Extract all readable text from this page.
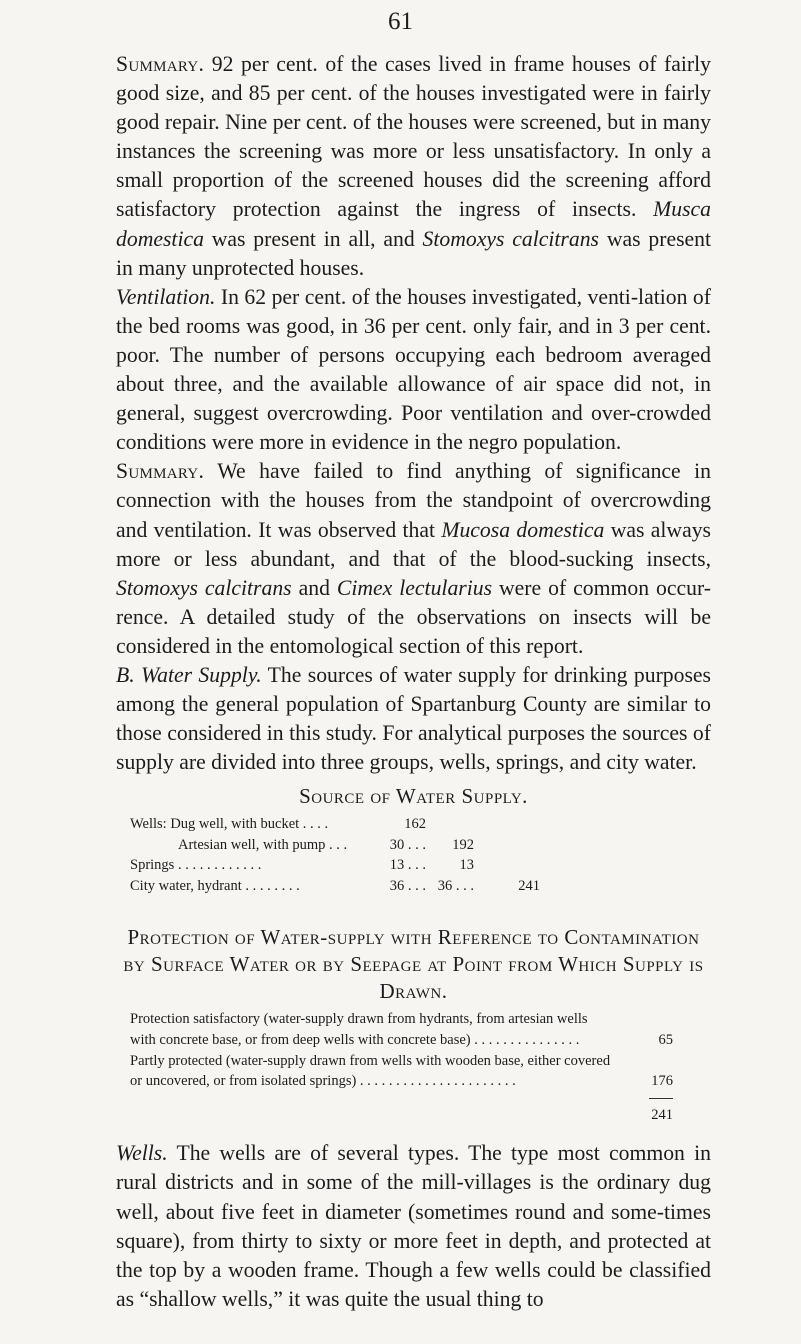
61

Summary. 92 per cent. of the cases lived in frame houses of fairly good size, and 85 per cent. of the houses investigated were in fairly good repair. Nine per cent. of the houses were screened, but in many instances the screening was more or less unsatisfactory. In only a small proportion of the screened houses did the screening afford satisfactory protection against the ingress of insects. Musca domestica was present in all, and Stomoxys calcitrans was present in many unprotected houses.

Ventilation. In 62 per cent. of the houses investigated, venti-lation of the bed rooms was good, in 36 per cent. only fair, and in 3 per cent. poor. The number of persons occupying each bedroom averaged about three, and the available allowance of air space did not, in general, suggest overcrowding. Poor ventilation and over-crowded conditions were more in evidence in the negro population.

Summary. We have failed to find anything of significance in connection with the houses from the standpoint of overcrowding and ventilation. It was observed that Mucosa domestica was always more or less abundant, and that of the blood-sucking insects, Stomoxys calcitrans and Cimex lectularius were of common occur-rence. A detailed study of the observations on insects will be considered in the entomological section of this report.

B. Water Supply. The sources of water supply for drinking purposes among the general population of Spartanburg County are similar to those considered in this study. For analytical purposes the sources of supply are divided into three groups, wells, springs, and city water.

Source of Water Supply.
Wells: Dug well, with bucket . . . .	162		
Artesian well, with pump . . .	30 . . .	192	
Springs . . . . . . . . . . . .	13 . . .	13	
City water, hydrant . . . . . . . .	36 . . .	36 . . .	241
Protection of Water-supply with Reference to Contamination by Surface Water or by Seepage at Point from Which Supply is Drawn.
Protection satisfactory (water-supply drawn from hydrants, from artesian wells with concrete base, or from deep wells with concrete base) . . . . . . . . . . . . . . .	65
Partly protected (water-supply drawn from wells with wooden base, either covered or uncovered, or from isolated springs) . . . . . . . . . . . . . . . . . . . . . .	176
241

Wells. The wells are of several types. The type most common in rural districts and in some of the mill-villages is the ordinary dug well, about five feet in diameter (sometimes round and some-times square), from thirty to sixty or more feet in depth, and protected at the top by a wooden frame. Though a few wells could be classified as “shallow wells,” it was quite the usual thing to
